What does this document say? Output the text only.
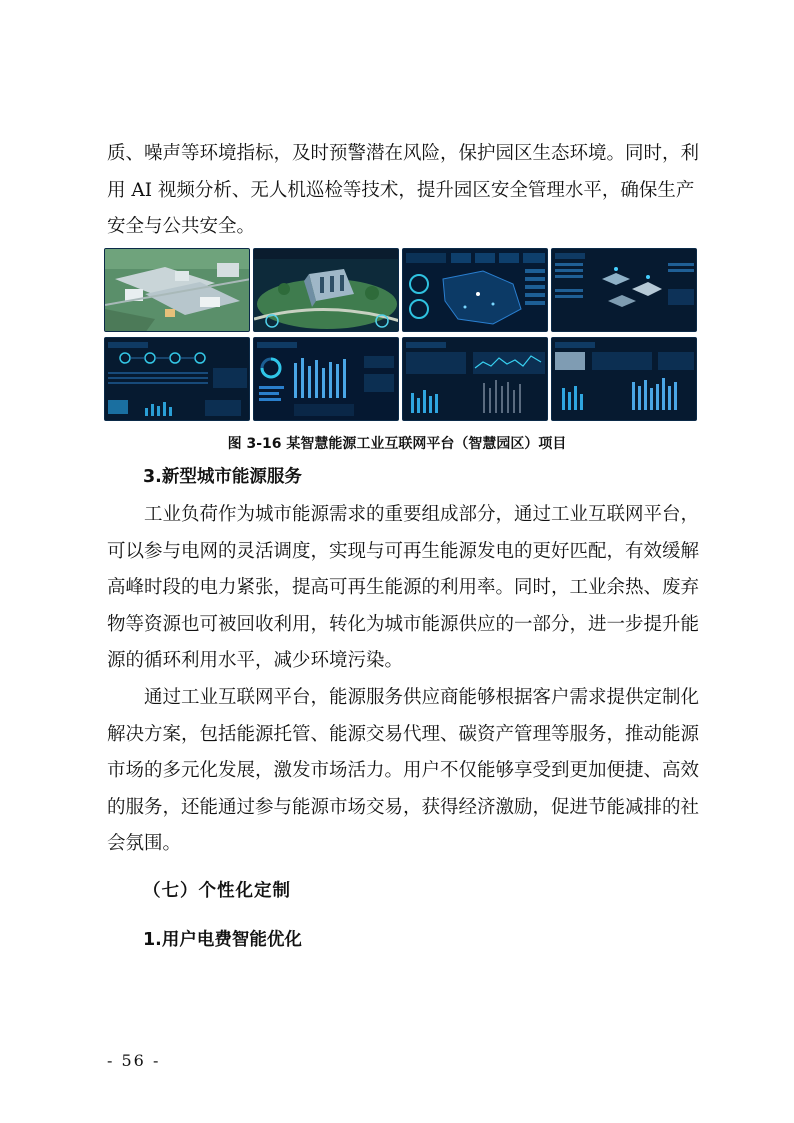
质、噪声等环境指标，及时预警潜在风险，保护园区生态环境。同时，利
用 AI 视频分析、无人机巡检等技术，提升园区安全管理水平，确保生产
安全与公共安全。
图 3-16 某智慧能源工业互联网平台（智慧园区）项目
3.新型城市能源服务
工业负荷作为城市能源需求的重要组成部分，通过工业互联网平台，
可以参与电网的灵活调度，实现与可再生能源发电的更好匹配，有效缓解
高峰时段的电力紧张，提高可再生能源的利用率。同时，工业余热、废弃
物等资源也可被回收利用，转化为城市能源供应的一部分，进一步提升能
源的循环利用水平，减少环境污染。
通过工业互联网平台，能源服务供应商能够根据客户需求提供定制化
解决方案，包括能源托管、能源交易代理、碳资产管理等服务，推动能源
市场的多元化发展，激发市场活力。用户不仅能够享受到更加便捷、高效
的服务，还能通过参与能源市场交易，获得经济激励，促进节能减排的社
会氛围。
（七）个性化定制
1.用户电费智能优化
- 56 -
